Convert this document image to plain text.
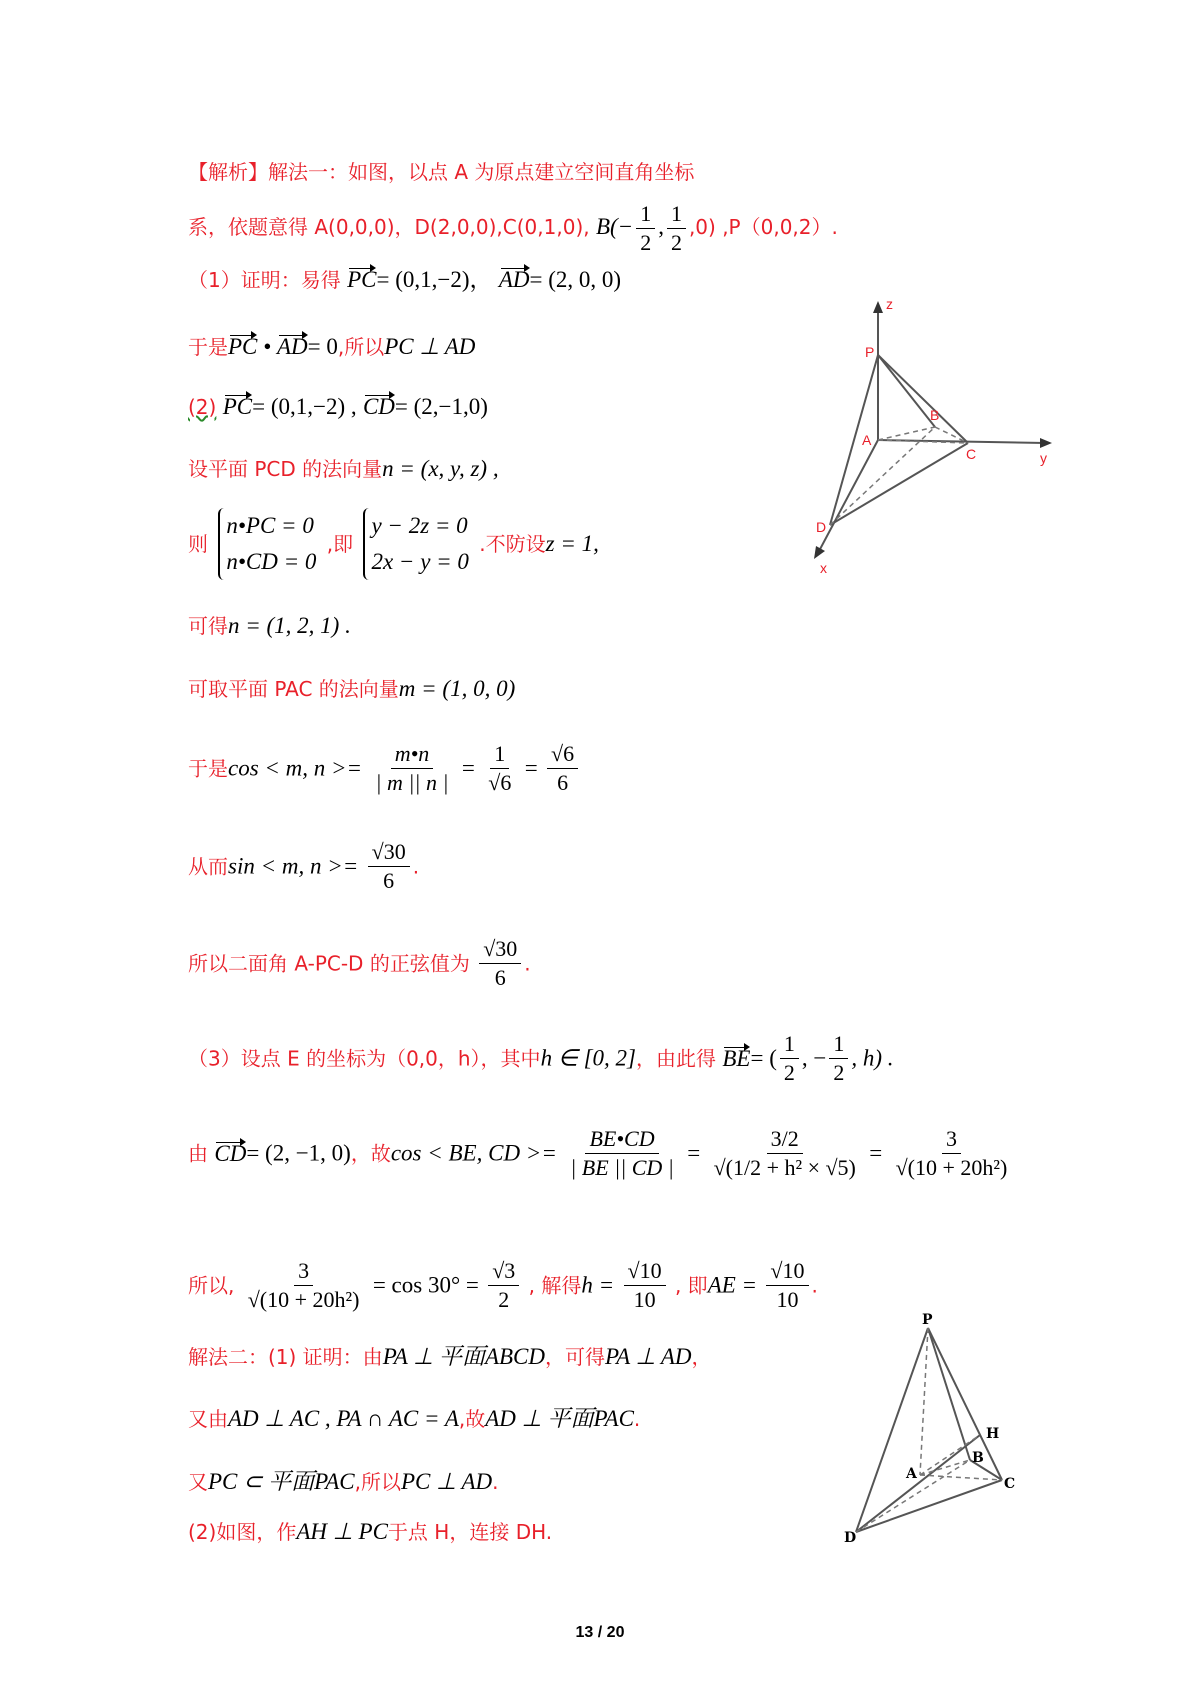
【解析】解法一：如图，以点 A 为原点建立空间直角坐标
系，依题意得 A(0,0,0)，D(2,0,0),C(0,1,0), $B(- \frac{1}{2}$ , $\frac{1}{2} ,0$) ,P（0,0,2）.
（1）证明：易得 PC= (0,1,−2)， AD= (2, 0, 0)
于是PC • AD= 0,所以PC ⊥ AD
(2) PC= (0,1,−2) , CD= (2,−1,0)
设平面 PCD 的法向量n = (x, y, z) ,
则
n•PC = 0
n•CD = 0
,即
y − 2z = 0
2x − y = 0
.不防设z = 1,
可得n = (1, 2, 1) .
可取平面 PAC 的法向量m = (1, 0, 0)
于是cos < m, $n >= \frac{m•n}{| m || n |} = \frac{1}{√6} = \frac{√6}{6}$
从而sin < m, $n >= \frac{√30}{6}$ .
所以二面角 A-PC-D 的正弦值为 $\frac{√30}{6}$ .
（3）设点 E 的坐标为（0,0，h），其中h ∈ [0, 2]，由此得 BE= ( $\frac{1}{2}$ , − $\frac{1}{2}$ , h) .
由 CD= (2, −1, 0)，故cos < BE, CD >= $\frac{BE•CD}{| BE || CD |} = \frac{3/2}{\text{√(1/2 + h² × √5)}} = \frac{3}{\text{√(10 + 20h²)}}$
所以, $\frac{3}{\text{√(10 + 20h²)}} = \cos 30^\circ = \frac{√3}{2}$ , 解得$h = \frac{√10}{10}$ , 即AE = $\frac{√10}{10}$ .
解法二：(1) 证明：由PA ⊥ 平面ABCD，可得PA ⊥ AD，
又由AD ⊥ AC , PA ∩ AC = A,故AD ⊥ 平面PAC.
又PC ⊂ 平面PAC,所以PC ⊥ AD.
(2)如图，作AH ⊥ PC于点 H，连接 DH.
z
P
B
A
C	y
D
x
P
H
B
A
C
D
13 / 20
